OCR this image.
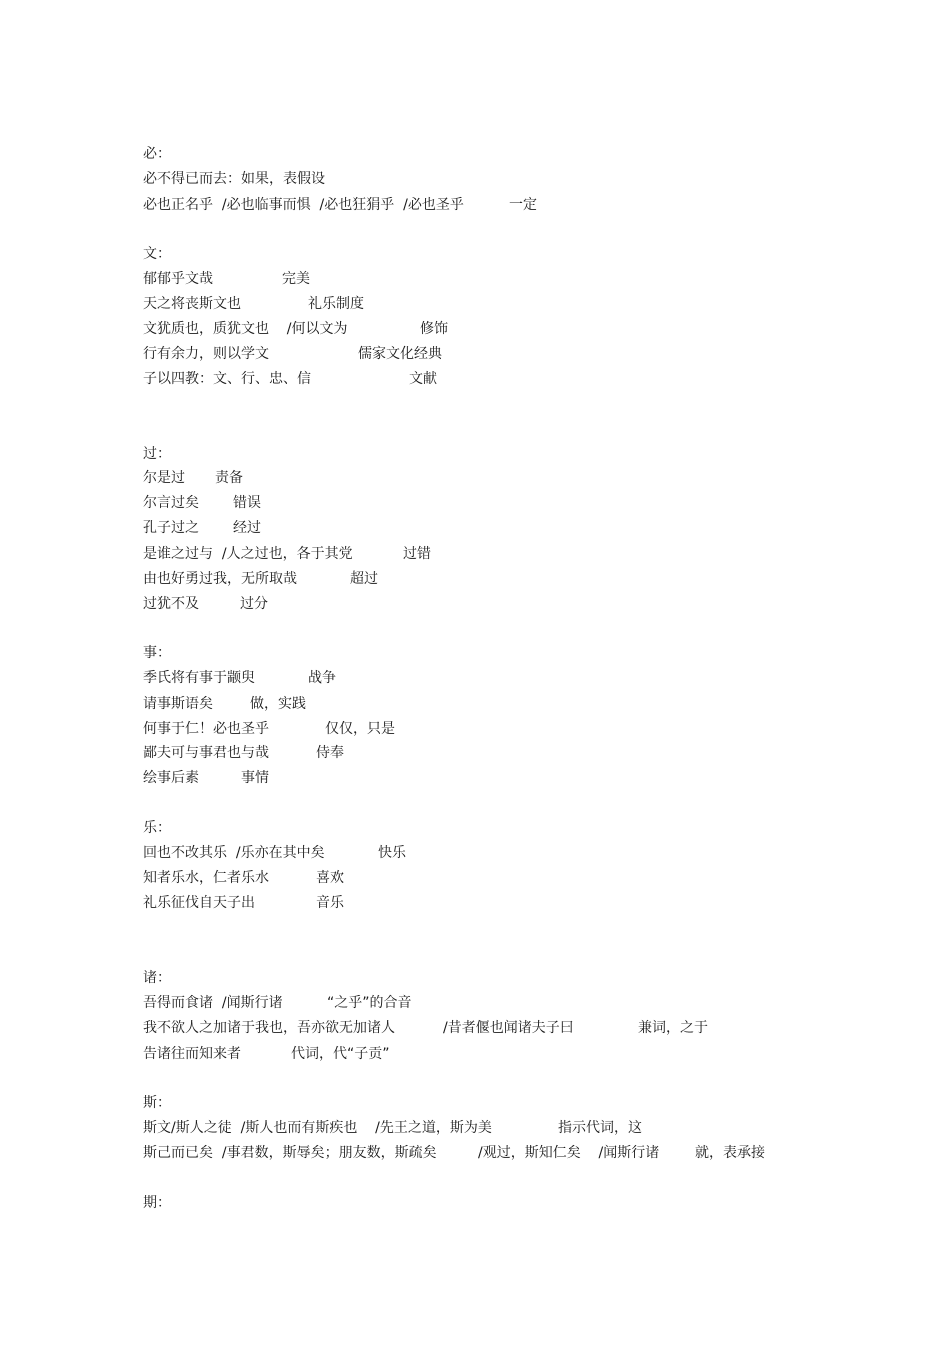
必：
必不得已而去：如果，表假设
必也正名乎  /必也临事而惧  /必也狂狷乎  /必也圣乎	一定
文：
郁郁乎文哉	完美
天之将丧斯文也	礼乐制度
文犹质也，质犹文也    /何以文为	修饰
行有余力，则以学文	儒家文化经典
子以四教：文、行、忠、信	文献
过：
尔是过 责备
尔言过矣 错误
孔子过之 经过
是谁之过与  /人之过也，各于其党	过错
由也好勇过我，无所取哉	超过
过犹不及	过分
事：
季氏将有事于颛臾	战争
请事斯语矣	做，实践
何事于仁！必也圣乎	仅仅，只是
鄙夫可与事君也与哉	侍奉
绘事后素	事情
乐：
回也不改其乐  /乐亦在其中矣	快乐
知者乐水，仁者乐水	喜欢
礼乐征伐自天子出	音乐
诸：
吾得而食诸  /闻斯行诸	“之乎”的合音
我不欲人之加诸于我也，吾亦欲无加诸人	/昔者偃也闻诸夫子曰	兼词，之于
告诸往而知来者	代词，代“子贡”
斯：
斯文/斯人之徒  /斯人也而有斯疾也    /先王之道，斯为美	指示代词，这
斯己而已矣  /事君数，斯辱矣；朋友数，斯疏矣	/观过，斯知仁矣    /闻斯行诸	就，表承接
期：
